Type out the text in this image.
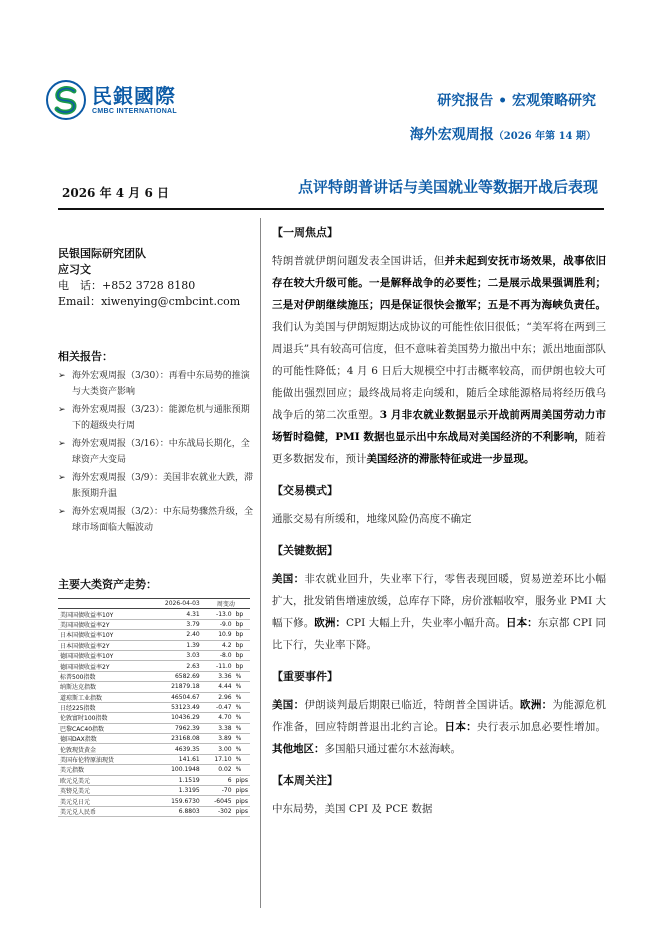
民銀國際
CMBC INTERNATIONAL
研究报告 • 宏观策略研究
海外宏观周报（2026 年第 14 期）
2026 年 4 月 6 日	点评特朗普讲话与美国就业等数据开战后表现
民银国际研究团队
应习文
电　话：+852 3728 8180
Email：xiwenying@cmbcint.com
相关报告：
➢ 海外宏观周报（3/30）：再看中东局势的推演与大类资产影响
➢ 海外宏观周报（3/23）：能源危机与通胀预期下的超级央行周
➢ 海外宏观周报（3/16）：中东战局长期化，全球资产大变局
➢ 海外宏观周报（3/9）：美国非农就业大跌，滞胀预期升温
➢ 海外宏观周报（3/2）：中东局势骤然升级，全球市场面临大幅波动
主要大类资产走势：
	2026-04-03	周变动	
美国国债收益率10Y	4.31	-13.0	bp
美国国债收益率2Y	3.79	-9.0	bp
日本国债收益率10Y	2.40	10.9	bp
日本国债收益率2Y	1.39	4.2	bp
德国国债收益率10Y	3.03	-8.0	bp
德国国债收益率2Y	2.63	-11.0	bp
标普500指数	6582.69	3.36	%
纳斯达克指数	21879.18	4.44	%
道琼斯工业指数	46504.67	2.96	%
日经225指数	53123.49	-0.47	%
伦敦富时100指数	10436.29	4.70	%
巴黎CAC40指数	7962.39	3.38	%
德国DAX指数	23168.08	3.89	%
伦敦现货黄金	4639.35	3.00	%
美国布伦特原油现货	141.61	17.10	%
美元指数	100.1948	0.02	%
欧元兑美元	1.1519	6	pips
英镑兑美元	1.3195	-70	pips
美元兑日元	159.6730	-6045	pips
美元兑人民币	6.8803	-302	pips
【一周焦点】
特朗普就伊朗问题发表全国讲话，但并未起到安抚市场效果，战事依旧存在较大升级可能。一是解释战争的必要性；二是展示战果强调胜利；三是对伊朗继续施压；四是保证很快会撤军；五是不再为海峡负责任。我们认为美国与伊朗短期达成协议的可能性依旧很低；“美军将在两到三周退兵”具有较高可信度，但不意味着美国势力撤出中东；派出地面部队的可能性降低；4 月 6 日后大规模空中打击概率较高，而伊朗也较大可能做出强烈回应；最终战局将走向缓和，随后全球能源格局将经历俄乌战争后的第二次重塑。3 月非农就业数据显示开战前两周美国劳动力市场暂时稳健，PMI 数据也显示出中东战局对美国经济的不利影响，随着更多数据发布，预计美国经济的滞胀特征或进一步显现。
【交易模式】
通胀交易有所缓和，地缘风险仍高度不确定
【关键数据】
美国：非农就业回升，失业率下行，零售表现回暖，贸易逆差环比小幅扩大，批发销售增速放缓，总库存下降，房价涨幅收窄，服务业 PMI 大幅下修。欧洲：CPI 大幅上升，失业率小幅升高。日本：东京都 CPI 同比下行，失业率下降。
【重要事件】
美国：伊朗谈判最后期限已临近，特朗普全国讲话。欧洲：为能源危机作准备，回应特朗普退出北约言论。日本：央行表示加息必要性增加。其他地区：多国船只通过霍尔木兹海峡。
【本周关注】
中东局势，美国 CPI 及 PCE 数据
